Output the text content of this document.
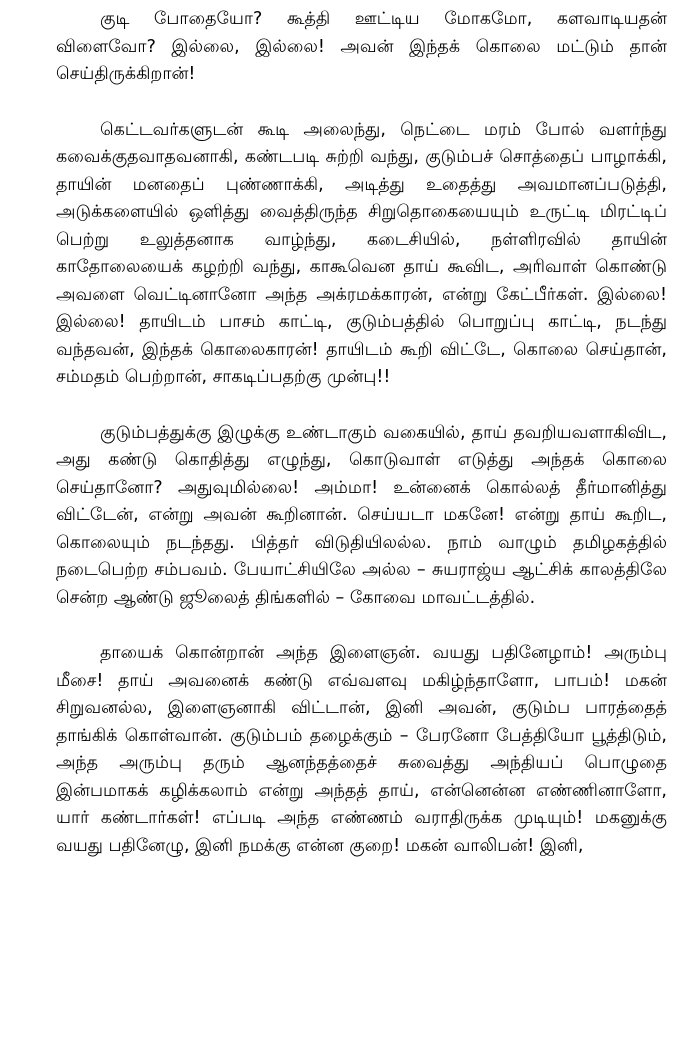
குடி போதையோ? கூத்தி ஊட்டிய மோகமோ, களவாடியதன் விளைவோ? இல்லை, இல்லை! அவன் இந்தக் கொலை மட்டும் தான் செய்திருக்கிறான்!

கெட்டவர்களுடன் கூடி அலைந்து, நெட்டை மரம் போல் வளர்ந்து கவைக்குதவாதவனாகி, கண்டபடி சுற்றி வந்து, குடும்பச் சொத்தைப் பாழாக்கி, தாயின் மனதைப் புண்ணாக்கி, அடித்து உதைத்து அவமானப்படுத்தி, அடுக்களையில் ஒளித்து வைத்திருந்த சிறுதொகையையும் உருட்டி மிரட்டிப் பெற்று உலுத்தனாக வாழ்ந்து, கடைசியில், நள்ளிரவில் தாயின் காதோலையைக் கழற்றி வந்து, காகூவென தாய் கூவிட, அரிவாள் கொண்டு அவளை வெட்டினானோ அந்த அக்ரமக்காரன், என்று கேட்பீர்கள். இல்லை! இல்லை! தாயிடம் பாசம் காட்டி, குடும்பத்தில் பொறுப்பு காட்டி, நடந்து வந்தவன், இந்தக் கொலைகாரன்! தாயிடம் கூறி விட்டே, கொலை செய்தான், சம்மதம் பெற்றான், சாகடிப்பதற்கு முன்பு!!

குடும்பத்துக்கு இழுக்கு உண்டாகும் வகையில், தாய் தவறியவளாகிவிட, அது கண்டு கொதித்து எழுந்து, கொடுவாள் எடுத்து அந்தக் கொலை செய்தானோ? அதுவுமில்லை! அம்மா! உன்னைக் கொல்லத் தீர்மானித்து விட்டேன், என்று அவன் கூறினான். செய்யடா மகனே! என்று தாய் கூறிட, கொலையும் நடந்தது. பித்தர் விடுதியிலல்ல. நாம் வாழும் தமிழகத்தில் நடைபெற்ற சம்பவம். பேயாட்சியிலே அல்ல – சுயராஜ்ய ஆட்சிக் காலத்திலே சென்ற ஆண்டு ஜூலைத் திங்களில் – கோவை மாவட்டத்தில்.

தாயைக் கொன்றான் அந்த இளைஞன். வயது பதினேழாம்! அரும்பு மீசை! தாய் அவனைக் கண்டு எவ்வளவு மகிழ்ந்தாளோ, பாபம்! மகன் சிறுவனல்ல, இளைஞனாகி விட்டான், இனி அவன், குடும்ப பாரத்தைத் தாங்கிக் கொள்வான். குடும்பம் தழைக்கும் – பேரனோ பேத்தியோ பூத்திடும், அந்த அரும்பு தரும் ஆனந்தத்தைச் சுவைத்து அந்தியப் பொழுதை இன்பமாகக் கழிக்கலாம் என்று அந்தத் தாய், என்னென்ன எண்ணினாளோ, யார் கண்டார்கள்! எப்படி அந்த எண்ணம் வராதிருக்க முடியும்! மகனுக்கு வயது பதினேழு, இனி நமக்கு என்ன குறை! மகன் வாலிபன்! இனி,
